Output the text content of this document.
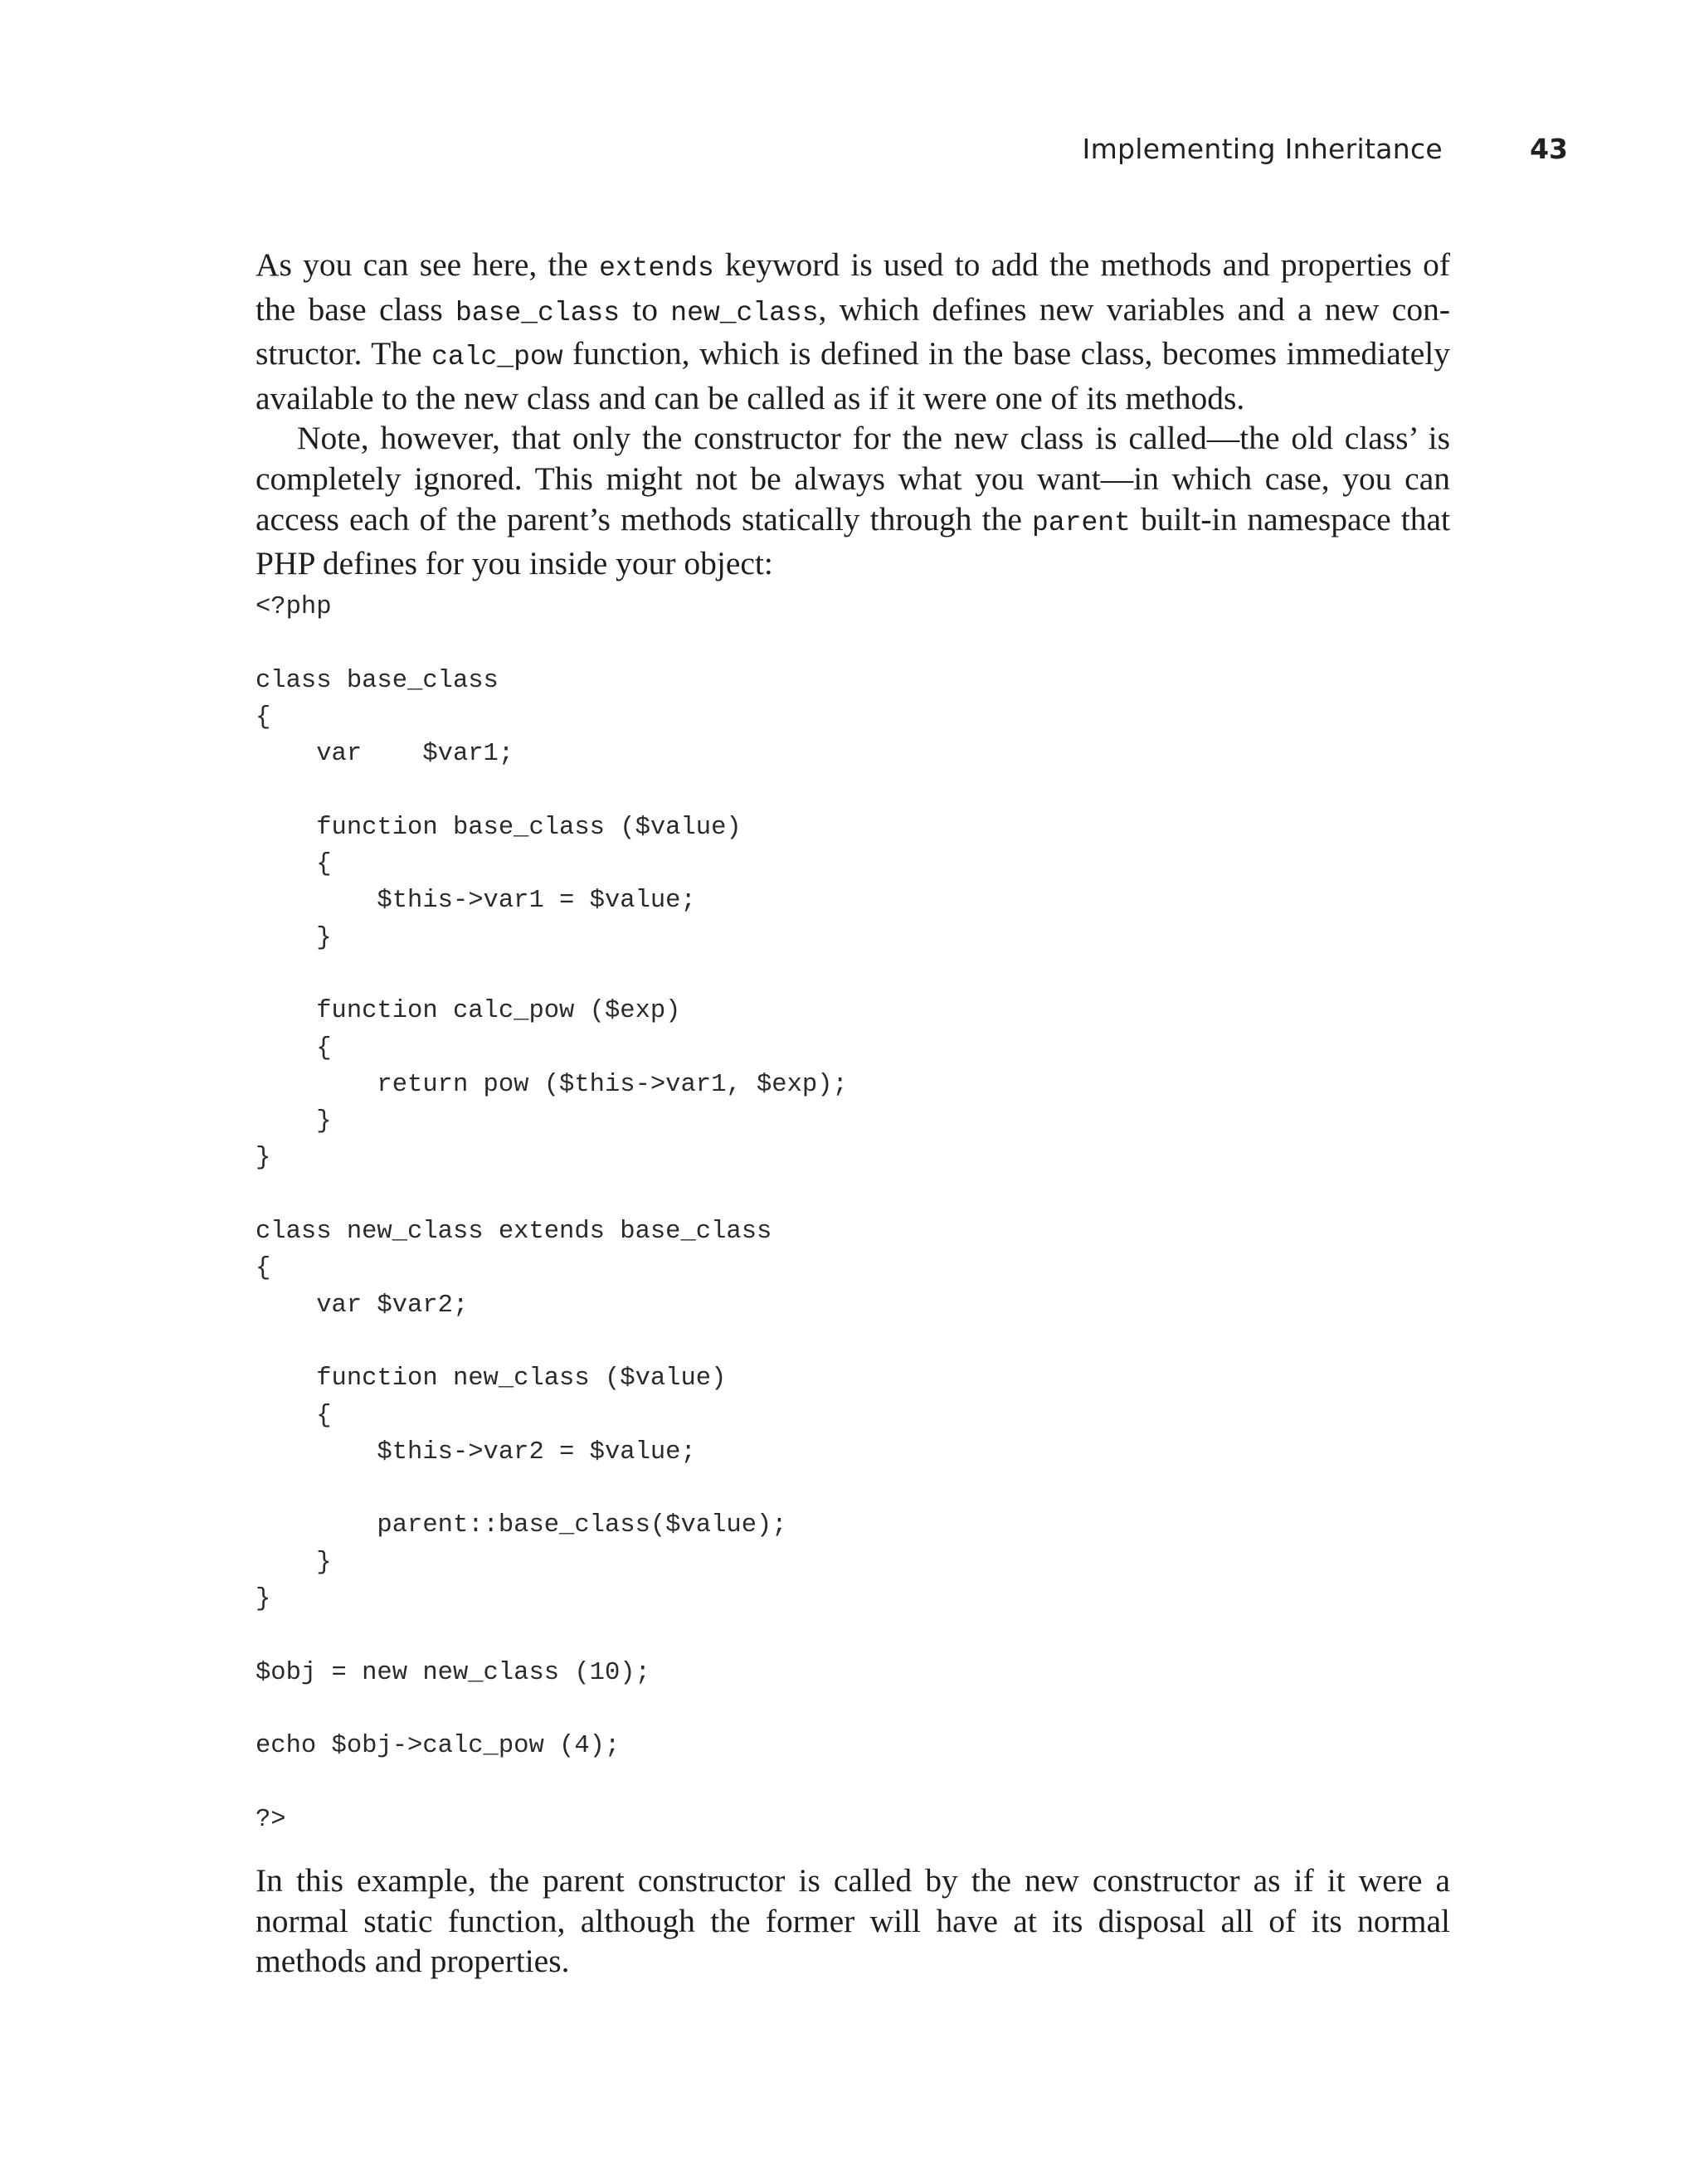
Implementing Inheritance	43

As you can see here, the extends keyword is used to add the methods and properties of the base class base_class to new_class, which defines new variables and a new con-structor. The calc_pow function, which is defined in the base class, becomes immediately available to the new class and can be called as if it were one of its methods.

Note, however, that only the constructor for the new class is called—the old class’ is completely ignored. This might not be always what you want—in which case, you can access each of the parent’s methods statically through the parent built-in namespace that PHP defines for you inside your object:

<?php
class base_class
{
var    $var1;
function base_class ($value)
{
$this->var1 = $value;
}
function calc_pow ($exp)
{
return pow ($this->var1, $exp);
}
}
class new_class extends base_class
{
var $var2;
function new_class ($value)
{
$this->var2 = $value;
parent::base_class($value);
}
}
$obj = new new_class (10);
echo $obj->calc_pow (4);
?>

In this example, the parent constructor is called by the new constructor as if it were a normal static function, although the former will have at its disposal all of its normal methods and properties.
